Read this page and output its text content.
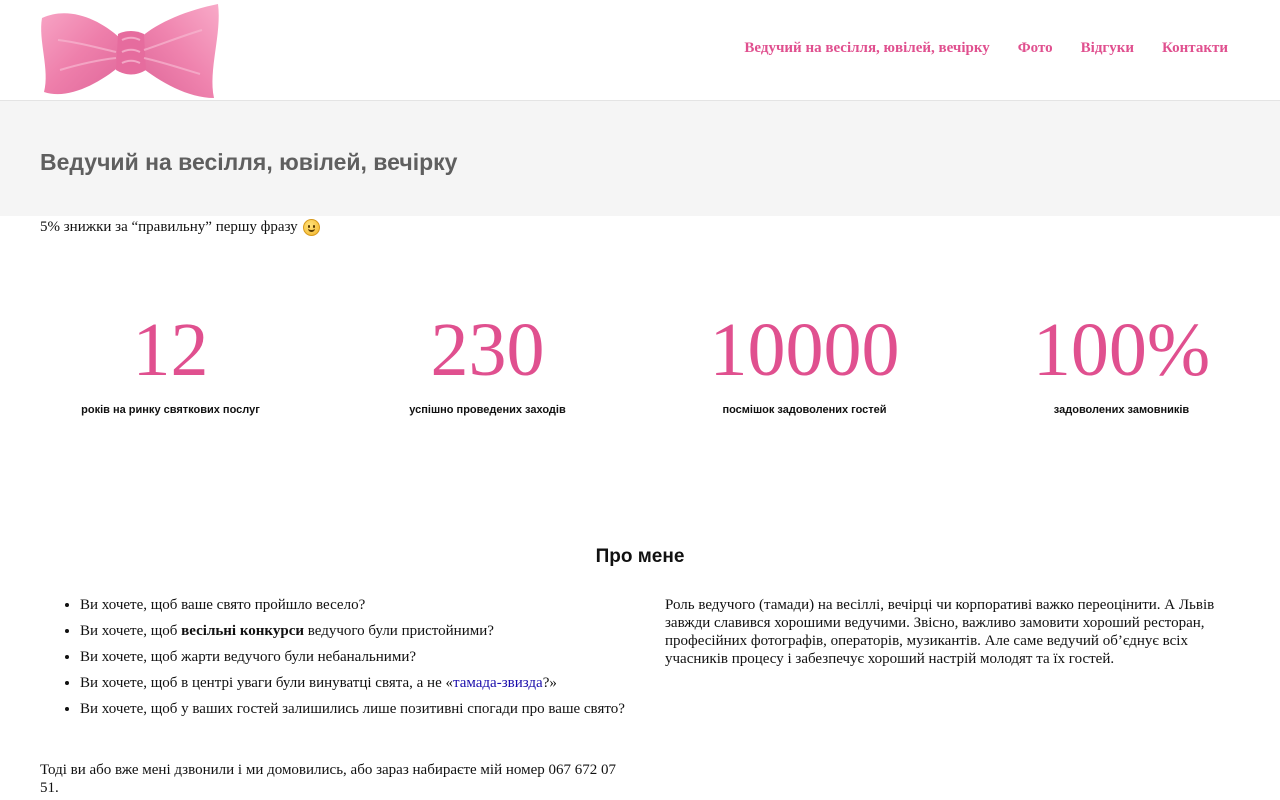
Ведучий на весілля, ювілей, вечірку Фото Відгуки Контакти
Ведучий на весілля, ювілей, вечірку
5% знижки за “правильну” першу фразу
12
років на ринку святкових послуг
230
успішно проведених заходів
10000
посмішок задоволених гостей
100%
задоволених замовників
Про мене
• Ви хочете, щоб ваше свято пройшло весело?
• Ви хочете, щоб весільні конкурси ведучого були пристойними?
• Ви хочете, щоб жарти ведучого були небанальними?
• Ви хочете, щоб в центрі уваги були винуватці свята, а не «тамада-звизда?»
• Ви хочете, щоб у ваших гостей залишились лише позитивні спогади про ваше свято?

Тоді ви або вже мені дзвонили і ми домовились, або зараз набираєте мій номер 067 672 07 51.

Роль ведучого (тамади) на весіллі, вечірці чи корпоративі важко переоцінити. А Львів завжди славився хорошими ведучими. Звісно, важливо замовити хороший ресторан, професійних фотографів, операторів, музикантів. Але саме ведучий об’єднує всіх учасників процесу і забезпечує хороший настрій молодят та їх гостей.
